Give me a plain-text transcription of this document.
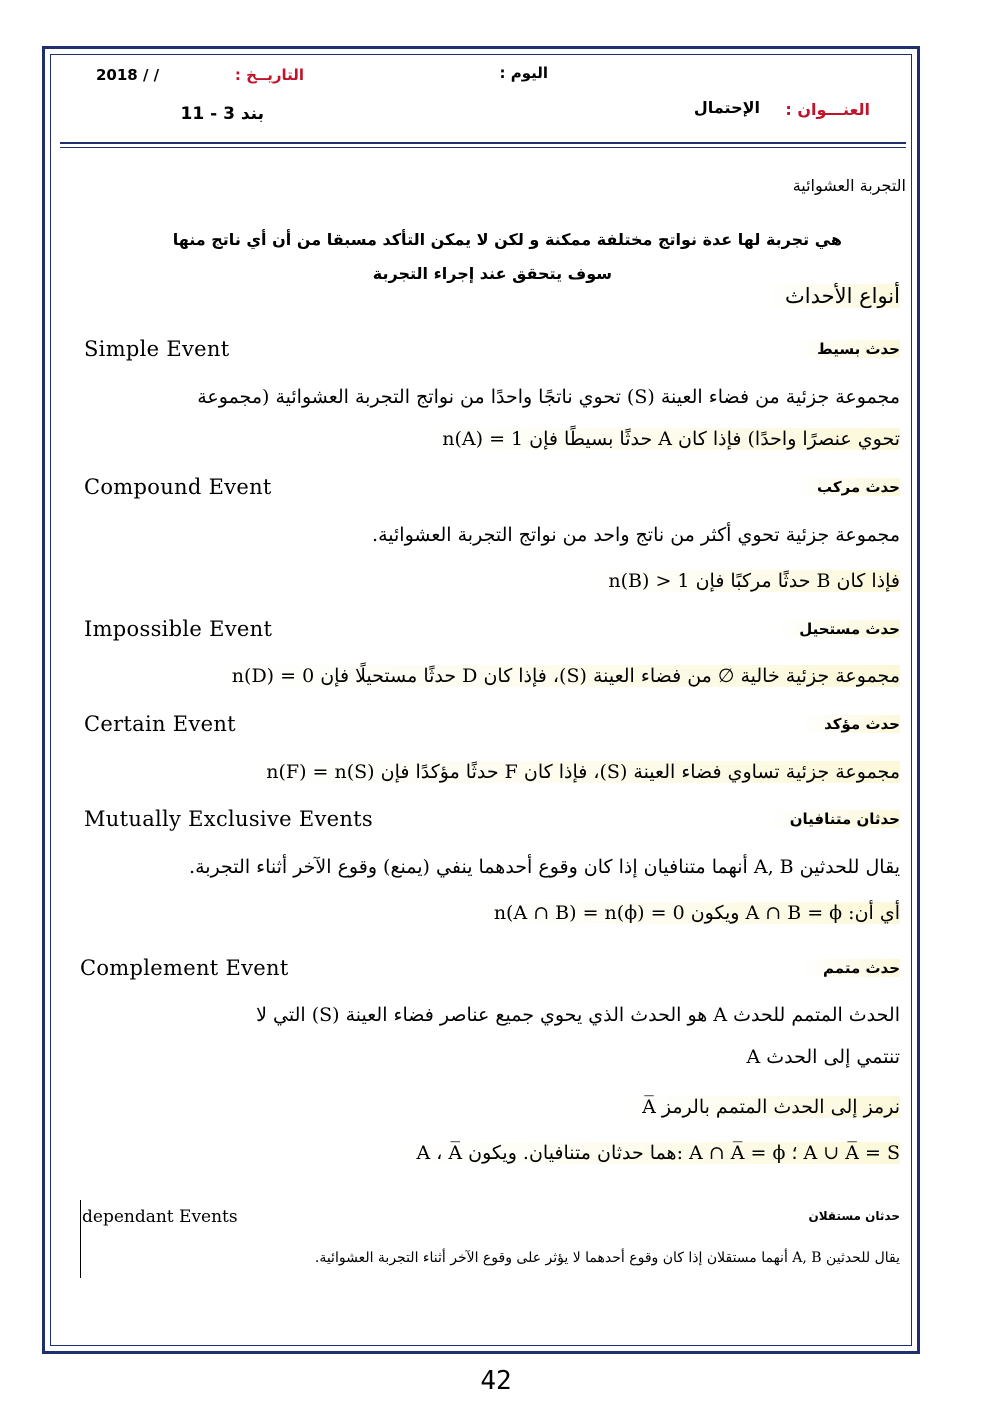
2018 / /	التاريــخ :	اليوم :
العنـــوان :
الإحتمال
بند 3 - 11
التجربة العشوائية
هي تجربة لها عدة نواتج مختلفة ممكنة و لكن لا يمكن التأكد مسبقا من أن أي ناتج منها
سوف يتحقق عند إجراء التجربة
أنواع الأحداث
Simple Event	حدث بسيط
مجموعة جزئية من فضاء العينة (S) تحوي ناتجًا واحدًا من نواتج التجربة العشوائية (مجموعة
تحوي عنصرًا واحدًا) فإذا كان A حدثًا بسيطًا فإن n(A) = 1
Compound Event	حدث مركب
مجموعة جزئية تحوي أكثر من ناتج واحد من نواتج التجربة العشوائية.
فإذا كان B حدثًا مركبًا فإن n(B) > 1
Impossible Event	حدث مستحيل
مجموعة جزئية خالية ∅ من فضاء العينة (S)، فإذا كان D حدثًا مستحيلًا فإن n(D) = 0
Certain Event	حدث مؤكد
مجموعة جزئية تساوي فضاء العينة (S)، فإذا كان F حدثًا مؤكدًا فإن n(F) = n(S)
Mutually Exclusive Events	حدثان متنافيان
يقال للحدثين A, B أنهما متنافيان إذا كان وقوع أحدهما ينفي (يمنع) وقوع الآخر أثناء التجربة.
أي أن: A ∩ B = ϕ ويكون n(A ∩ B) = n(ϕ) = 0
Complement Event	حدث متمم
الحدث المتمم للحدث A هو الحدث الذي يحوي جميع عناصر فضاء العينة (S) التي لا
تنتمي إلى الحدث A
نرمز إلى الحدث المتمم بالرمز A̅
A ، A̅ هما حدثان متنافيان. ويكون: A ∩ A̅ = ϕ ؛ A ∪ A̅ = S
dependant Events	حدثان مستقلان
يقال للحدثين A, B أنهما مستقلان إذا كان وقوع أحدهما لا يؤثر على وقوع الآخر أثناء التجربة العشوائية.
42
